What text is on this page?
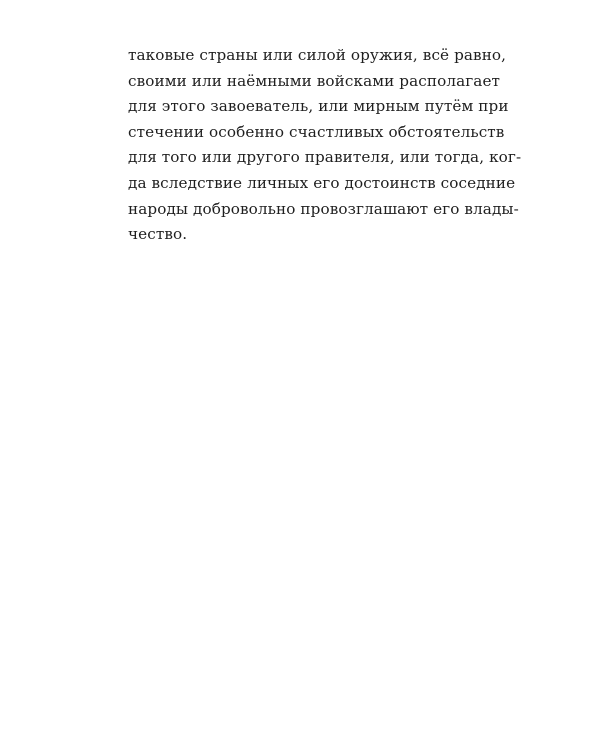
таковые страны или силой оружия, всё равно,
своими или наёмными войсками располагает
для этого завоеватель, или мирным путём при
стечении особенно счастливых обстоятельств
для того или другого правителя, или тогда, ког-
да вследствие личных его достоинств соседние
народы добровольно провозглашают его влады-
чество.
